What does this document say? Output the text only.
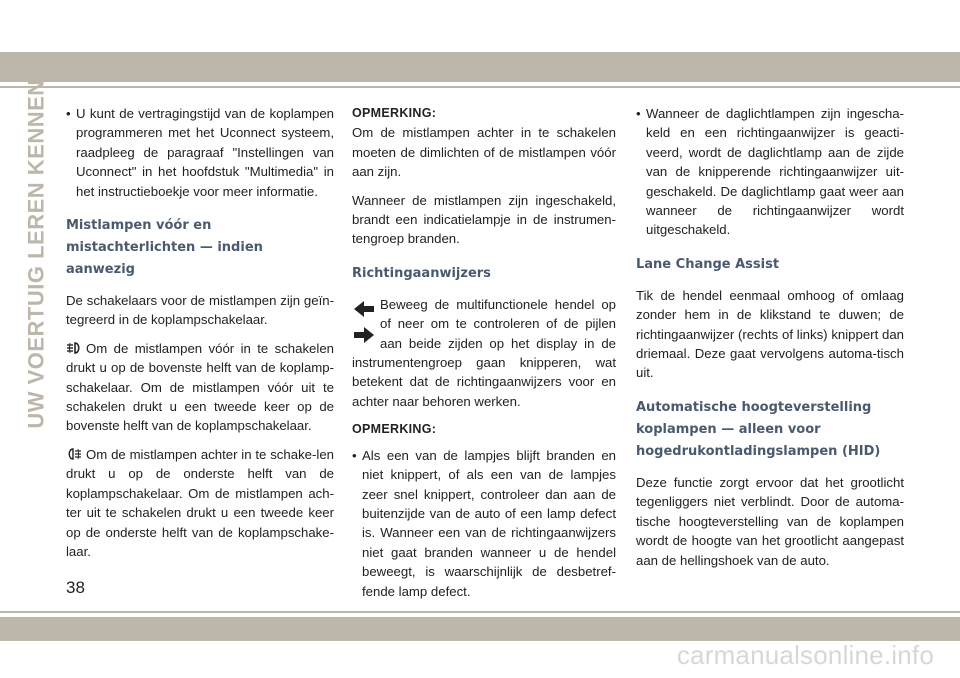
UW VOERTUIG LEREN KENNEN
•	U kunt de vertragingstijd van de koplampen programmeren met het Uconnect systeem, raadpleeg de paragraaf "Instellingen van Uconnect" in het hoofdstuk "Multimedia" in het instructieboekje voor meer informatie.
Mistlampen vóór en mistachterlichten — indien aanwezig

De schakelaars voor de mistlampen zijn geïn-tegreerd in de koplampschakelaar.

Om de mistlampen vóór in te schakelen drukt u op de bovenste helft van de koplamp-schakelaar. Om de mistlampen vóór uit te schakelen drukt u een tweede keer op de bovenste helft van de koplampschakelaar.

Om de mistlampen achter in te schake-len drukt u op de onderste helft van de koplampschakelaar. Om de mistlampen ach-ter uit te schakelen drukt u een tweede keer op de onderste helft van de koplampschake-laar.

OPMERKING:

Om de mistlampen achter in te schakelen moeten de dimlichten of de mistlampen vóór aan zijn.

Wanneer de mistlampen zijn ingeschakeld, brandt een indicatielampje in de instrumen-tengroep branden.

Richtingaanwijzers

Beweeg de multifunctionele hendel op of neer om te controleren of de pijlen aan beide zijden op het display in de instrumentengroep gaan knipperen, wat betekent dat de richtingaanwijzers voor en achter naar behoren werken.

OPMERKING:

• Als een van de lampjes blijft branden en niet knippert, of als een van de lampjes zeer snel knippert, controleer dan aan de buitenzijde van de auto of een lamp defect is. Wanneer een van de richtingaanwijzers niet gaat branden wanneer u de hendel beweegt, is waarschijnlijk de desbetref-fende lamp defect.
• Wanneer de daglichtlampen zijn ingescha-keld en een richtingaanwijzer is geacti-veerd, wordt de daglichtlamp aan de zijde van de knipperende richtingaanwijzer uit-geschakeld. De daglichtlamp gaat weer aan wanneer de richtingaanwijzer wordt uitgeschakeld.
Lane Change Assist

Tik de hendel eenmaal omhoog of omlaag zonder hem in de klikstand te duwen; de richtingaanwijzer (rechts of links) knippert dan driemaal. Deze gaat vervolgens automa-tisch uit.

Automatische hoogteverstelling koplampen — alleen voor hogedrukontladingslampen (HID)

Deze functie zorgt ervoor dat het grootlicht tegenliggers niet verblindt. Door de automa-tische hoogteverstelling van de koplampen wordt de hoogte van het grootlicht aangepast aan de hellingshoek van de auto.

38
carmanualsonline.info
